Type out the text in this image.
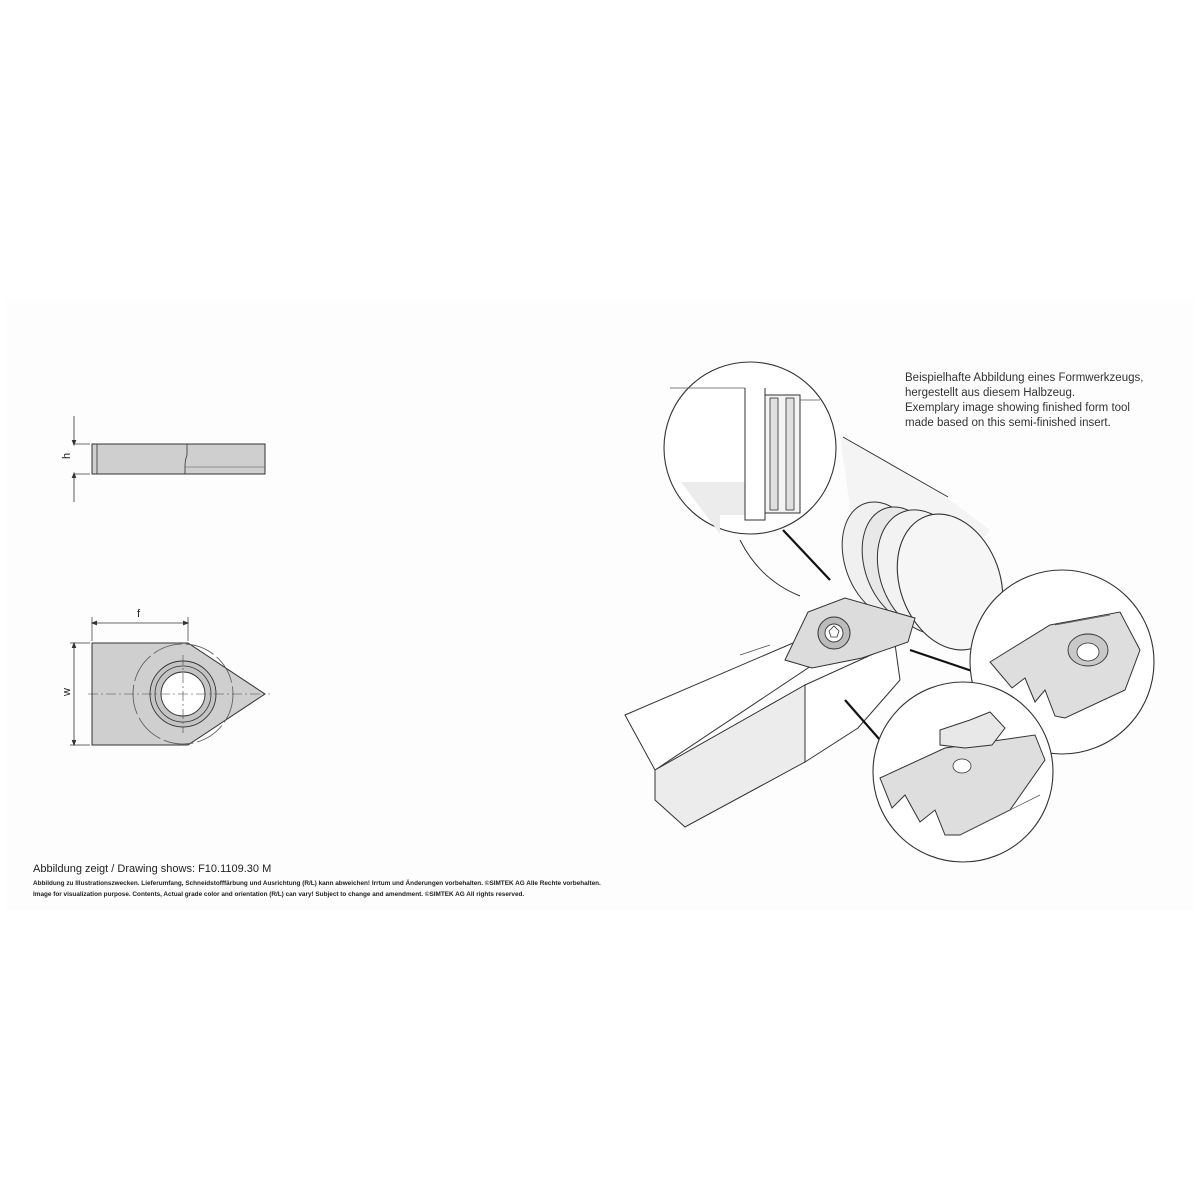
h
w
f
Beispielhafte Abbildung eines Formwerkzeugs,
hergestellt aus diesem Halbzeug.
Exemplary image showing finished form tool
made based on this semi-finished insert.
Abbildung zeigt / Drawing shows: F10.1109.30 M
Abbildung zu Illustrationszwecken. Lieferumfang, Schneidstofffärbung und Ausrichtung (R/L) kann abweichen! Irrtum und Änderungen vorbehalten. ©SIMTEK AG Alle Rechte vorbehalten.
Image for visualization purpose. Contents, Actual grade color and orientation (R/L) can vary! Subject to change and amendment. ©SIMTEK AG All rights reserved.
